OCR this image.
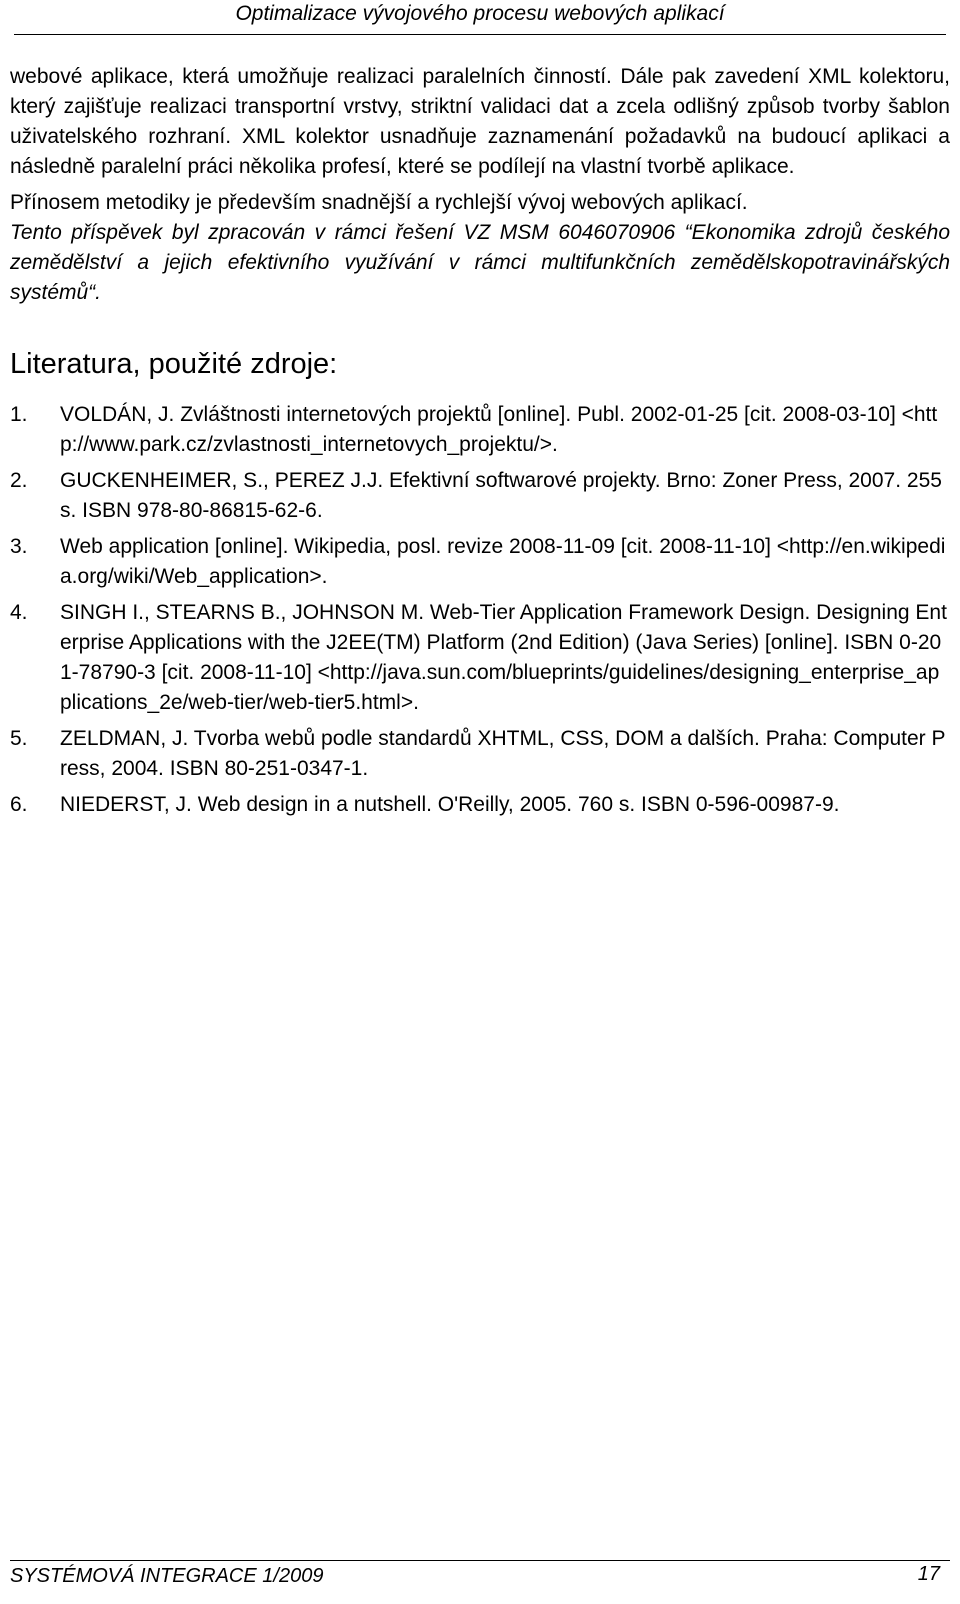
Optimalizace vývojového procesu webových aplikací

webové aplikace, která umožňuje realizaci paralelních činností. Dále pak zavedení XML kolektoru, který zajišťuje realizaci transportní vrstvy, striktní validaci dat a zcela odlišný způsob tvorby šablon uživatelského rozhraní. XML kolektor usnadňuje zaznamenání požadavků na budoucí aplikaci a následně paralelní práci několika profesí, které se podílejí na vlastní tvorbě aplikace.

Přínosem metodiky je především snadnější a rychlejší vývoj webových aplikací.

Tento příspěvek byl zpracován v rámci řešení VZ MSM 6046070906 “Ekonomika zdrojů českého zemědělství a jejich efektivního využívání v rámci multifunkčních zemědělskopotravinářských systémů“.

Literatura, použité zdroje:
1.	VOLDÁN, J. Zvláštnosti internetových projektů [online]. Publ. 2002-01-25 [cit. 2008-03-10] <http://www.park.cz/zvlastnosti_internetovych_projektu/>.
2.	GUCKENHEIMER, S., PEREZ J.J. Efektivní softwarové projekty. Brno: Zoner Press, 2007. 255 s. ISBN 978-80-86815-62-6.
3.	Web application [online]. Wikipedia, posl. revize 2008-11-09 [cit. 2008-11-10] <http://en.wikipedia.org/wiki/Web_application>.
4.	SINGH I., STEARNS B., JOHNSON M. Web-Tier Application Framework Design. Designing Enterprise Applications with the J2EE(TM) Platform (2nd Edition) (Java Series) [online]. ISBN 0-201-78790-3 [cit. 2008-11-10] <http://java.sun.com/blueprints/guidelines/designing_enterprise_applications_2e/web-tier/web-tier5.html>.
5.	ZELDMAN, J. Tvorba webů podle standardů XHTML, CSS, DOM a dalších. Praha: Computer Press, 2004. ISBN 80-251-0347-1.
6.	NIEDERST, J. Web design in a nutshell. O'Reilly, 2005. 760 s. ISBN 0-596-00987-9.
SYSTÉMOVÁ INTEGRACE 1/2009	17
